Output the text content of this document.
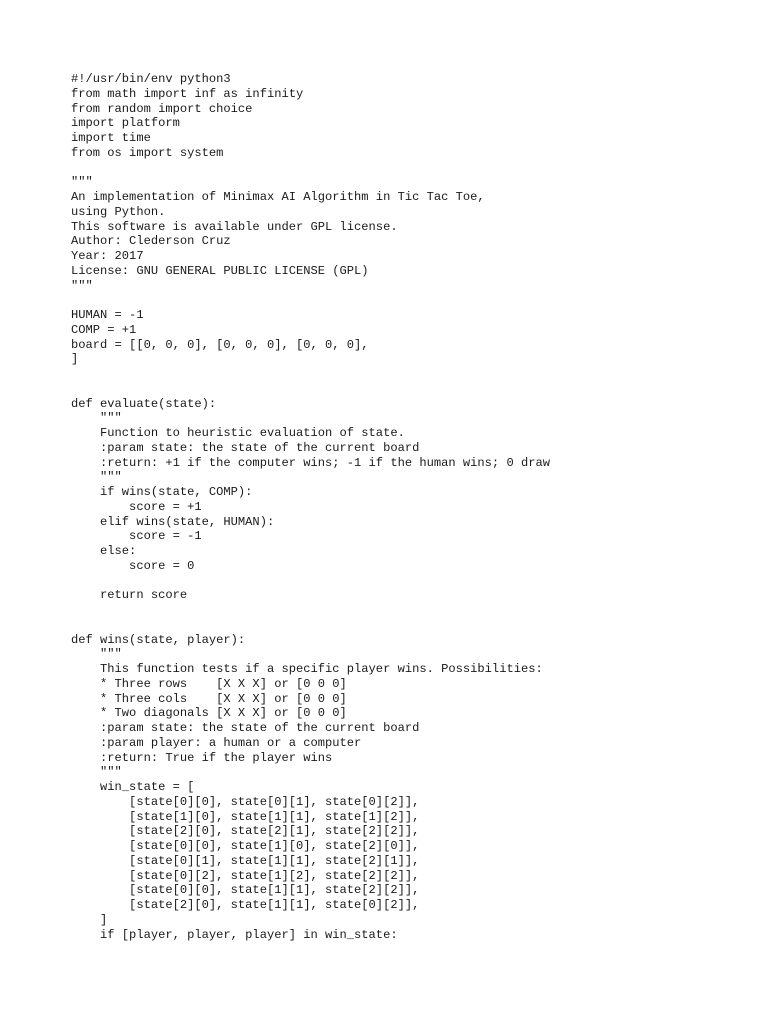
#!/usr/bin/env python3
from math import inf as infinity
from random import choice
import platform
import time
from os import system
"""
An implementation of Minimax AI Algorithm in Tic Tac Toe,
using Python.
This software is available under GPL license.
Author: Clederson Cruz
Year: 2017
License: GNU GENERAL PUBLIC LICENSE (GPL)
"""
HUMAN = -1
COMP = +1
board = [[0, 0, 0], [0, 0, 0], [0, 0, 0],
]
def evaluate(state):
"""
Function to heuristic evaluation of state.
:param state: the state of the current board
:return: +1 if the computer wins; -1 if the human wins; 0 draw
"""
if wins(state, COMP):
score = +1
elif wins(state, HUMAN):
score = -1
else:
score = 0
return score
def wins(state, player):
"""
This function tests if a specific player wins. Possibilities:
* Three rows    [X X X] or [0 0 0]
* Three cols    [X X X] or [0 0 0]
* Two diagonals [X X X] or [0 0 0]
:param state: the state of the current board
:param player: a human or a computer
:return: True if the player wins
"""
win_state = [
[state[0][0], state[0][1], state[0][2]],
[state[1][0], state[1][1], state[1][2]],
[state[2][0], state[2][1], state[2][2]],
[state[0][0], state[1][0], state[2][0]],
[state[0][1], state[1][1], state[2][1]],
[state[0][2], state[1][2], state[2][2]],
[state[0][0], state[1][1], state[2][2]],
[state[2][0], state[1][1], state[0][2]],
]
if [player, player, player] in win_state:
